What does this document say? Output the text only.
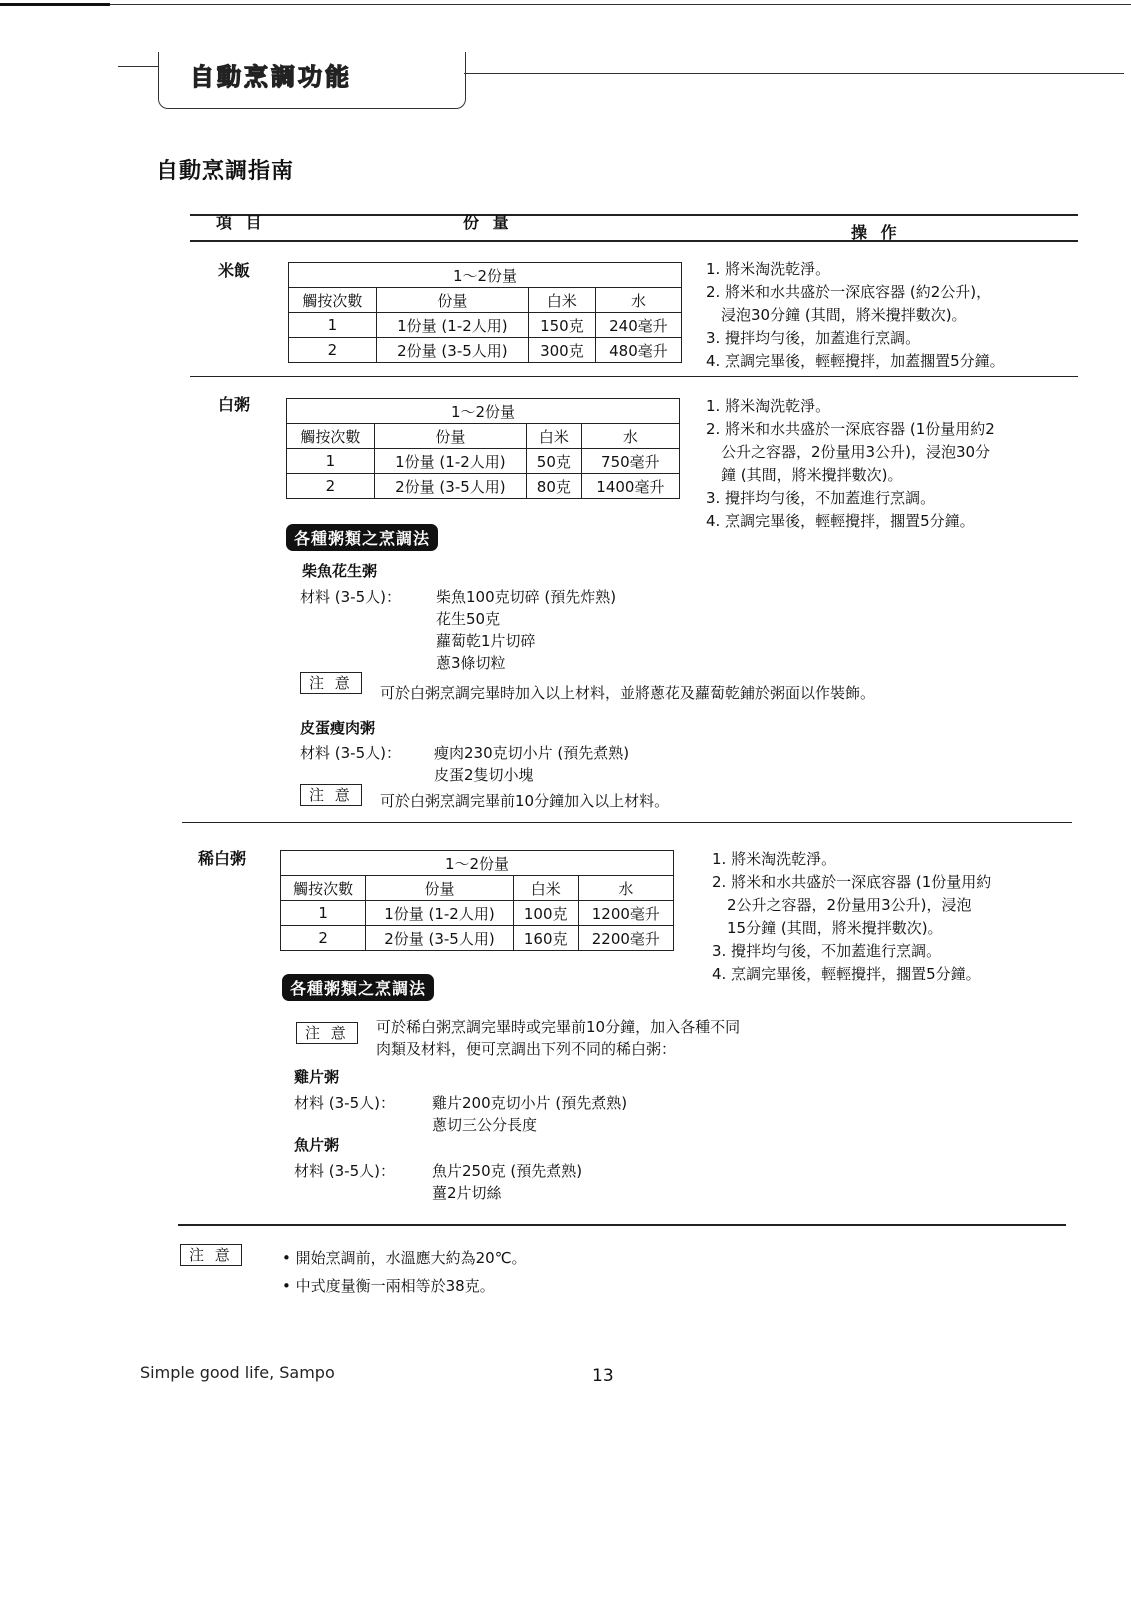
自動烹調功能
自動烹調指南
項 目	份 量
操 作
米飯	1～2份量			
觸按次數	份量	白米	水
1	1份量 (1-2人用)	150克	240毫升
2	2份量 (3-5人用)	300克	480毫升
1. 將米淘洗乾淨。
2. 將米和水共盛於一深底容器 (約2公升)，
　浸泡30分鐘 (其間，將米攪拌數次)。
3. 攪拌均勻後，加蓋進行烹調。
4. 烹調完畢後，輕輕攪拌，加蓋擱置5分鐘。
白粥	1～2份量			
觸按次數	份量	白米	水
1	1份量 (1-2人用)	50克	750毫升
2	2份量 (3-5人用)	80克	1400毫升
1. 將米淘洗乾淨。
2. 將米和水共盛於一深底容器 (1份量用約2
　公升之容器，2份量用3公升)，浸泡30分
　鐘 (其間，將米攪拌數次)。
3. 攪拌均勻後，不加蓋進行烹調。
4. 烹調完畢後，輕輕攪拌，擱置5分鐘。
各種粥類之烹調法
柴魚花生粥
材料 (3-5人)： 柴魚100克切碎 (預先炸熟)
花生50克
蘿蔔乾1片切碎
蔥3條切粒
注 意
可於白粥烹調完畢時加入以上材料，並將蔥花及蘿蔔乾鋪於粥面以作裝飾。
皮蛋瘦肉粥
材料 (3-5人)： 瘦肉230克切小片 (預先煮熟)
皮蛋2隻切小塊
注 意	可於白粥烹調完畢前10分鐘加入以上材料。
稀白粥	1～2份量			
觸按次數	份量	白米	水
1	1份量 (1-2人用)	100克	1200毫升
2	2份量 (3-5人用)	160克	2200毫升
1. 將米淘洗乾淨。
2. 將米和水共盛於一深底容器 (1份量用約
　2公升之容器，2份量用3公升)，浸泡
　15分鐘 (其間，將米攪拌數次)。
3. 攪拌均勻後，不加蓋進行烹調。
4. 烹調完畢後，輕輕攪拌，擱置5分鐘。
各種粥類之烹調法
注 意	可於稀白粥烹調完畢時或完畢前10分鐘，加入各種不同
肉類及材料，便可烹調出下列不同的稀白粥：
雞片粥
材料 (3-5人)： 雞片200克切小片 (預先煮熟)
蔥切三公分長度
魚片粥
材料 (3-5人)： 魚片250克 (預先煮熟)
薑2片切絲
注 意	• 開始烹調前，水溫應大約為20℃。
• 中式度量衡一兩相等於38克。
Simple good life, Sampo	13
